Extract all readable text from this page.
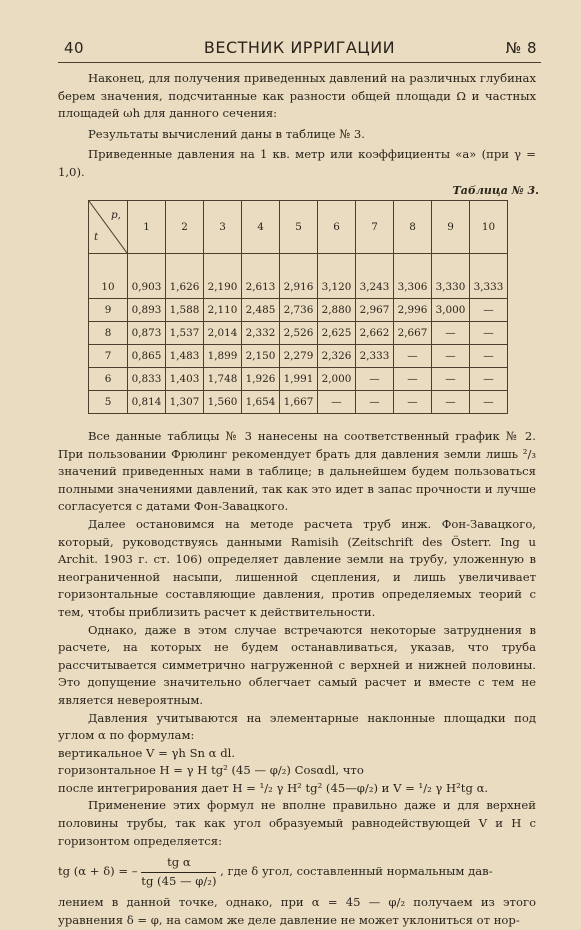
40	ВЕСТНИК ИРРИГАЦИИ	№ 8

Наконец, для получения приведенных давлений на различных глубинах берем значения, подсчитанные как разности общей площади Ω и частных площадей ωh для данного сечения:

Результаты вычислений даны в таблице № 3.

Приведенные давления на 1 кв. метр или коэффициенты «а» (при γ = 1,0).

Таблица № 3.
p,
t	1	2	3	4	5	6	7	8	9	10
10	0,903	1,626	2,190	2,613	2,916	3,120	3,243	3,306	3,330	3,333
9	0,893	1,588	2,110	2,485	2,736	2,880	2,967	2,996	3,000	—
8	0,873	1,537	2,014	2,332	2,526	2,625	2,662	2,667	—	—
7	0,865	1,483	1,899	2,150	2,279	2,326	2,333	—	—	—
6	0,833	1,403	1,748	1,926	1,991	2,000	—	—	—	—
5	0,814	1,307	1,560	1,654	1,667	—	—	—	—	—

Все данные таблицы № 3 нанесены на соответственный график № 2. При пользовании Фрюлинг рекомендует брать для давления земли лишь ²/₃ значений приведенных нами в таблице; в дальнейшем будем пользоваться полными значениями давлений, так как это идет в запас прочности и лучше согласуется с датами Фон-Завацкого.

Далее остановимся на методе расчета труб инж. Фон-Завацкого, который, руководствуясь данными Ramisih (Zeitschrift des Österr. Ing u Archit. 1903 г. ст. 106) определяет давление земли на трубу, уложенную в неограниченной насыпи, лишенной сцепления, и лишь увеличивает горизонтальные составляющие давления, против определяемых теорий с тем, чтобы приблизить расчет к действительности.

Однако, даже в этом случае встречаются некоторые затруднения в расчете, на которых не будем останавливаться, указав, что труба рассчитывается симметрично нагруженной с верхней и нижней половины. Это допущение значительно облегчает самый расчет и вместе с тем не является невероятным.

Давления учитываются на элементарные наклонные площадки под углом α по формулам:

вертикальное V = γh Sn α dl.

горизонтальное H = γ H tg² (45 — φ/₂) Cosαdl, что

после интегрирования дает H = ¹/₂ γ H² tg² (45—φ/₂) и V = ¹/₂ γ H²tg α.

Применение этих формул не вполне правильно даже и для верхней половины трубы, так как угол образуемый равнодействующей V и H с горизонтом определяется:

tg (α + δ) = – $\frac{\text{tg α}}{\text{tg (45 — φ/₂)}}$ , где δ угол, составленный нормальным дав-

лением в данной точке, однако, при α = 45 — φ/₂ получаем из этого уравнения δ = φ, на самом же деле давление не может уклониться от нор-
